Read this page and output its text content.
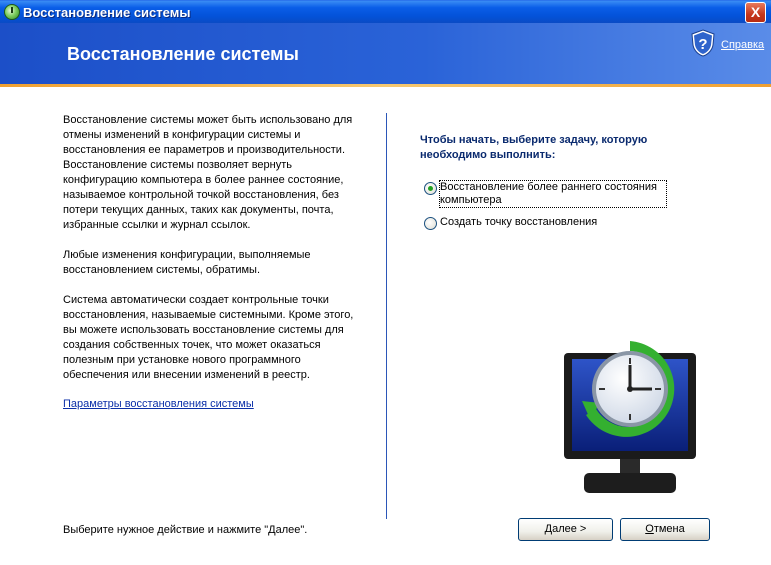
Восстановление системы	X
Восстановление системы	? Справка

Восстановление системы может быть использовано для отмены изменений в конфигурации системы и восстановления ее параметров и производительности. Восстановление системы позволяет вернуть конфигурацию компьютера в более раннее состояние, называемое контрольной точкой восстановления, без потери текущих данных, таких как документы, почта, избранные ссылки и журнал ссылок.

Любые изменения конфигурации, выполняемые восстановлением системы, обратимы.

Система автоматически создает контрольные точки восстановления, называемые системными. Кроме этого, вы можете использовать восстановление системы для создания собственных точек, что может оказаться полезным при установке нового программного обеспечения или внесении изменений в реестр.

Параметры восстановления системы
Чтобы начать, выберите задачу, которую необходимо выполнить:
Восстановление более раннего состояния компьютера
Создать точку восстановления
Выберите нужное действие и нажмите "Далее".	Далее >	Отмена
